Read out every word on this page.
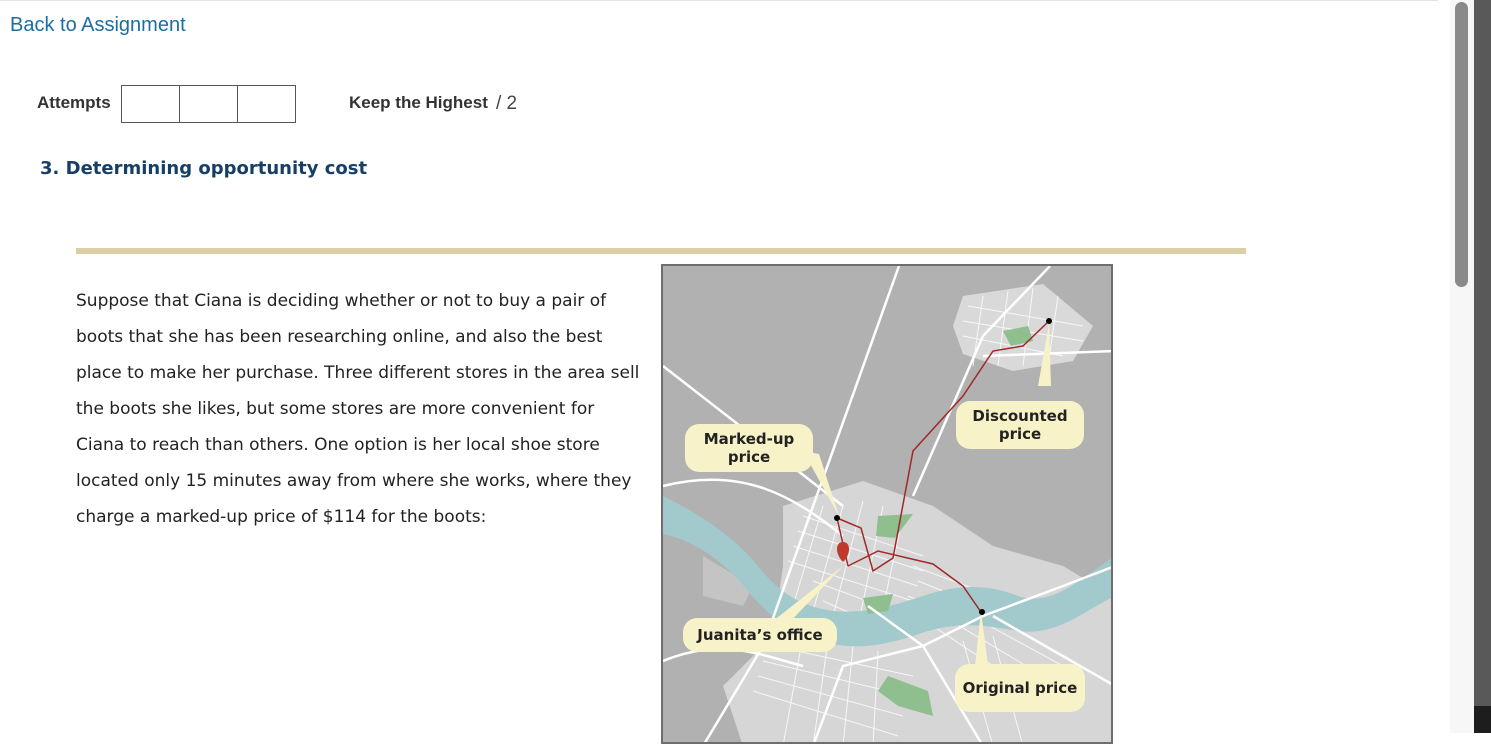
Back to Assignment
Attempts	Keep the Highest / 2
3. Determining opportunity cost

Suppose that Ciana is deciding whether or not to buy a pair of boots that she has been researching online, and also the best place to make her purchase. Three different stores in the area sell the boots she likes, but some stores are more convenient for Ciana to reach than others. One option is her local shoe store located only 15 minutes away from where she works, where they charge a marked-up price of $114 for the boots:

Marked-up price
Discounted price
Juanita’s office
Original price
